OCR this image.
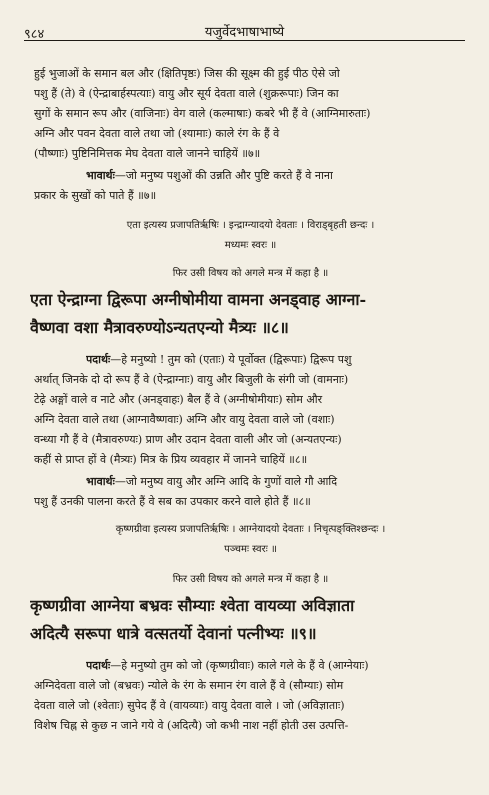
९८४	यजुर्वेदभाषाभाष्ये
हुई भुजाओं के समान बल और (क्षितिपृष्ठः) जिस की सूक्ष्म की हुई पीठ ऐसे जो
पशु हैं (ते) वे (ऐन्द्राबार्हस्पत्याः) वायु और सूर्य देवता वाले (शुक्ररूपाः) जिन का
सुगों के समान रूप और (वाजिनाः) वेग वाले (कल्माषाः) कबरे भी हैं वे (आग्निमारुताः)
अग्नि और पवन देवता वाले तथा जो (श्यामाः) काले रंग के हैं वे
(पौष्णाः) पुष्टिनिमित्तक मेघ देवता वाले जानने चाहियें ॥७॥
भावार्थः—जो मनुष्य पशुओं की उन्नति और पुष्टि करते हैं वे नाना
प्रकार के सुखों को पाते हैं ॥७॥
एता इत्यस्य प्रजापतिर्ऋषिः । इन्द्राग्न्यादयो देवताः । विराड्बृहती छन्दः ।
मध्यमः स्वरः ॥
फिर उसी विषय को अगले मन्त्र में कहा है ॥
एता ऐन्द्राग्ना द्विरूपा अग्नीषोमीया वामना अनड्वाह आग्ना-
वैष्णवा वशा मैत्रावरुण्योऽन्यतएन्यो मैत्र्यः ॥८॥
पदार्थः—हे मनुष्यो ! तुम को (एताः) ये पूर्वोक्त (द्विरूपाः) द्विरूप पशु
अर्थात् जिनके दो दो रूप हैं वे (ऐन्द्राग्नाः) वायु और बिजुली के संगी जो (वामनाः)
टेढ़े अङ्गों वाले व नाटे और (अनड्वाहः) बैल हैं वे (अग्नीषोमीयाः) सोम और
अग्नि देवता वाले तथा (आग्नावैष्णवाः) अग्नि और वायु देवता वाले जो (वशाः)
वन्ध्या गौ हैं वे (मैत्रावरुण्यः) प्राण और उदान देवता वाली और जो (अन्यतएन्यः)
कहीं से प्राप्त हों वे (मैत्र्यः) मित्र के प्रिय व्यवहार में जानने चाहियें ॥८॥
भावार्थः—जो मनुष्य वायु और अग्नि आदि के गुणों वाले गौ आदि
पशु हैं उनकी पालना करते हैं वे सब का उपकार करने वाले होते हैं ॥८॥
कृष्णग्रीवा इत्यस्य प्रजापतिर्ऋषिः । आग्नेयादयो देवताः । निचृत्पङ्क्तिश्छन्दः ।
पञ्चमः स्वरः ॥
फिर उसी विषय को अगले मन्त्र में कहा है ॥
कृष्णग्रीवा आग्नेया बभ्रवः सौम्याः श्वेता वायव्या अविज्ञाता
अदित्यै सरूपा धात्रे वत्सतर्यो देवानां पत्नीभ्यः ॥९॥
पदार्थः—हे मनुष्यो तुम को जो (कृष्णग्रीवाः) काले गले के हैं वे (आग्नेयाः)
अग्निदेवता वाले जो (बभ्रवः) न्योले के रंग के समान रंग वाले हैं वे (सौम्याः) सोम
देवता वाले जो (श्वेताः) सुपेद हैं वे (वायव्याः) वायु देवता वाले । जो (अविज्ञाताः)
विशेष चिह्न से कुछ न जाने गये वे (अदित्यै) जो कभी नाश नहीं होती उस उत्पत्ति-
